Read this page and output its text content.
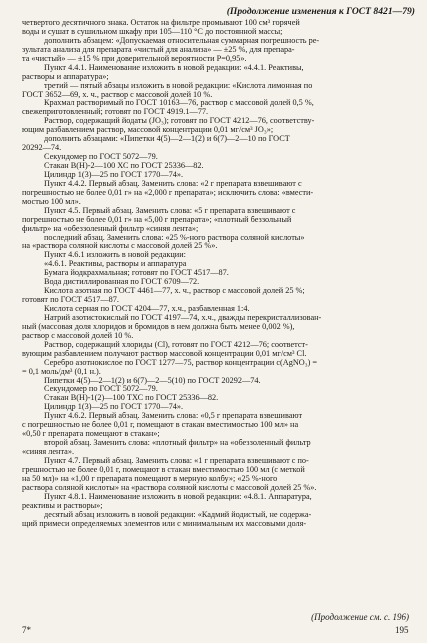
(Продолжение изменения к ГОСТ 8421—79)
четвертого десятичного знака. Остаток на фильтре промывают 100 см³ горячей
воды и сушат в сушильном шкафу при 105—110 °С до постоянной массы;
дополнить абзацем: «Допускаемая относительная суммарная погрешность ре-
зультата анализа для препарата «чистый для анализа» — ±25 %, для препара-
та «чистый» — ±15 % при доверительной вероятности P=0,95».
Пункт 4.4.1. Наименование изложить в новой редакции: «4.4.1. Реактивы,
растворы и аппаратура»;
третий — пятый абзацы изложить в новой редакции: «Кислота лимонная по
ГОСТ 3652—69, х. ч., раствор с массовой долей 10 %.
Крахмал растворимый по ГОСТ 10163—76, раствор с массовой долей 0,5 %,
свежеприготовленный; готовят по ГОСТ 4919.1—77.
Раствор, содержащий йодаты (JO₃); готовят по ГОСТ 4212—76, соответству-
ющим разбавлением раствор, массовой концентрации 0,01 мг/см³ JO₃»;
дополнить абзацами: «Пипетки 4(5)—2—1(2) и 6(7)—2—10 по ГОСТ
20292—74.
Секундомер по ГОСТ 5072—79.
Стакан В(Н)-2—100 ХС по ГОСТ 25336—82.
Цилиндр 1(3)—25 по ГОСТ 1770—74».
Пункт 4.4.2. Первый абзац. Заменить слова: «2 г препарата взвешивают с
погрешностью не более 0,01 г» на «2,000 г препарата»; исключить слова: «вмести-
мостью 100 мл».
Пункт 4.5. Первый абзац. Заменить слова: «5 г препарата взвешивают с
погрешностью не более 0,01 г» на «5,00 г препарата»; «плотный беззольный
фильтр» на «обеззоленный фильтр «синяя лента»;
последний абзац. Заменить слова: «25 %-ного раствора соляной кислоты»
на «раствора соляной кислоты с массовой долей 25 %».
Пункт 4.6.1 изложить в новой редакции:
«4.6.1. Реактивы, растворы и аппаратура
Бумага йодкрахмальная; готовят по ГОСТ 4517—87.
Вода дистиллированная по ГОСТ 6709—72.
Кислота азотная по ГОСТ 4461—77, х. ч., раствор с массовой долей 25 %;
готовят по ГОСТ 4517—87.
Кислота серная по ГОСТ 4204—77, х.ч., разбавленная 1:4.
Натрий азотистокислый по ГОСТ 4197—74, х.ч., дважды перекристаллизован-
ный (массовая доля хлоридов и бромидов в нем должна быть менее 0,002 %),
раствор с массовой долей 10 %.
Раствор, содержащий хлориды (Cl), готовят по ГОСТ 4212—76; соответст-
вующим разбавлением получают раствор массовой концентрации 0,01 мг/см³ Cl.
Серебро азотнокислое по ГОСТ 1277—75, раствор концентрации c(AgNO₃) =
= 0,1 моль/дм³ (0,1 н.).
Пипетки 4(5)—2—1(2) и 6(7)—2—5(10) по ГОСТ 20292—74.
Секундомер по ГОСТ 5072—79.
Стакан В(Н)-1(2)—100 ТХС по ГОСТ 25336—82.
Цилиндр 1(3)—25 по ГОСТ 1770—74».
Пункт 4.6.2. Первый абзац. Заменить слова: «0,5 г препарата взвешивают
с погрешностью не более 0,01 г, помещают в стакан вместимостью 100 мл» на
«0,50 г препарата помещают в стакан»;
второй абзац. Заменить слова: «плотный фильтр» на «обеззоленный фильтр
«синяя лента».
Пункт 4.7. Первый абзац. Заменить слова: «1 г препарата взвешивают с по-
грешностью не более 0,01 г, помещают в стакан вместимостью 100 мл (с меткой
на 50 мл)» на «1,00 г препарата помещают в мерную колбу»; «25 %-ного
раствора соляной кислоты» на «раствора соляной кислоты с массовой долей 25 %».
Пункт 4.8.1. Наименование изложить в новой редакции: «4.8.1. Аппаратура,
реактивы и растворы»;
десятый абзац изложить в новой редакции: «Кадмий йодистый, не содержа-
щий примеси определяемых элементов или с минимальным их массовыми доля-
(Продолжение см. с. 196)
7*	195
